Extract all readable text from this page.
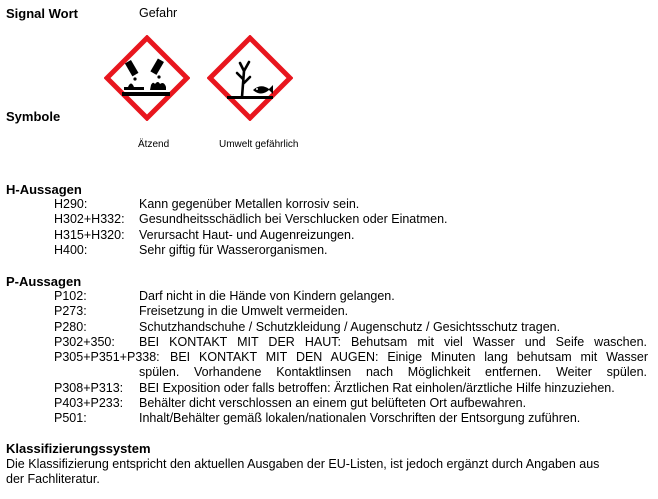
Signal Wort	Gefahr
Symbole
Ätzend	Umwelt gefährlich
H-Aussagen
H290:	Kann gegenüber Metallen korrosiv sein.
H302+H332: Gesundheitsschädlich bei Verschlucken oder Einatmen.
H315+H320: Verursacht Haut- und Augenreizungen.
H400:	Sehr giftig für Wasserorganismen.
P-Aussagen
P102:	Darf nicht in die Hände von Kindern gelangen.
P273:	Freisetzung in die Umwelt vermeiden.
P280:	Schutzhandschuhe / Schutzkleidung / Augenschutz / Gesichtsschutz tragen.
P302+350: BEI KONTAKT MIT DER HAUT: Behutsam mit viel Wasser und Seife waschen.
P305+P351+P338: BEI KONTAKT MIT DEN AUGEN: Einige Minuten lang behutsam mit Wasser
spülen. Vorhandene Kontaktlinsen nach Möglichkeit entfernen. Weiter spülen.
P308+P313: BEI Exposition oder falls betroffen: Ärztlichen Rat einholen/ärztliche Hilfe hinzuziehen.
P403+P233: Behälter dicht verschlossen an einem gut belüfteten Ort aufbewahren.
P501:	Inhalt/Behälter gemäß lokalen/nationalen Vorschriften der Entsorgung zuführen.
Klassifizierungssystem
Die Klassifizierung entspricht den aktuellen Ausgaben der EU-Listen, ist jedoch ergänzt durch Angaben aus
der Fachliteratur.
